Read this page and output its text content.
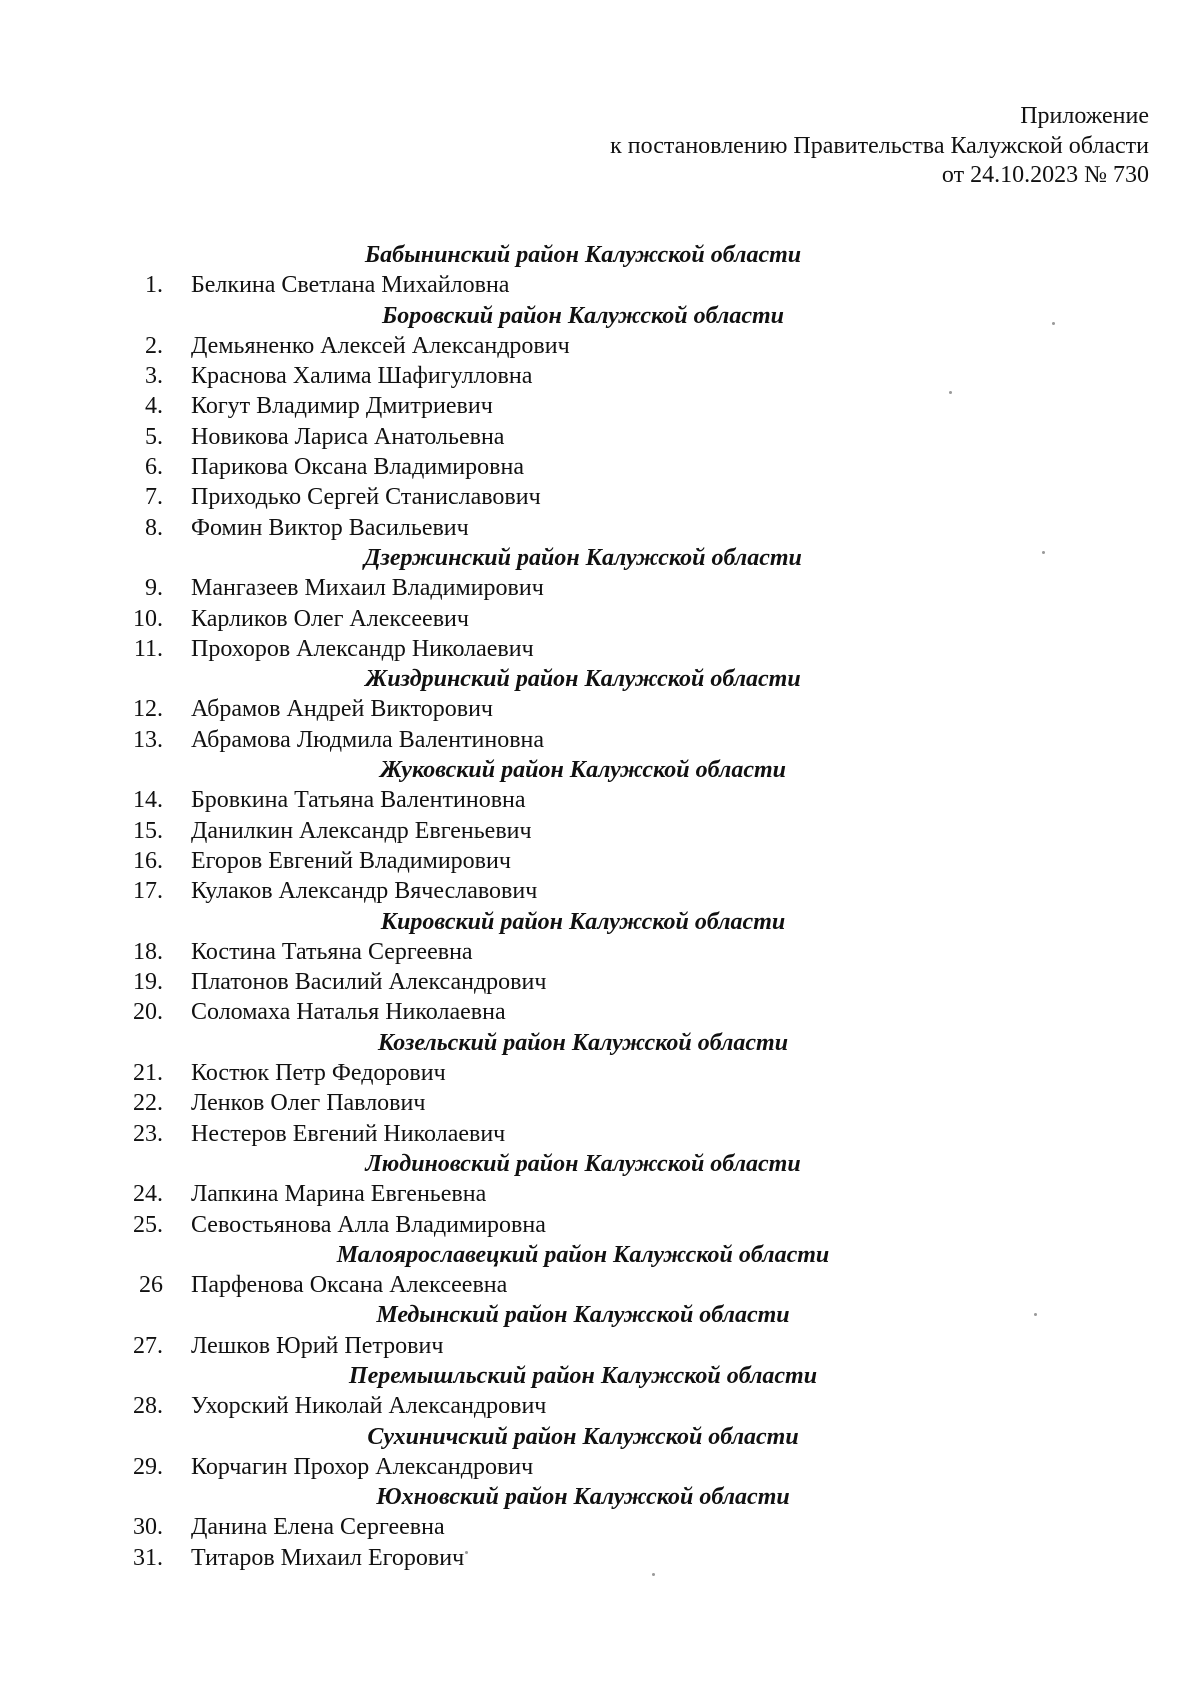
Приложение
к постановлению Правительства Калужской области
от 24.10.2023 № 730
Бабынинский район Калужской области
1. Белкина Светлана Михайловна
Боровский район Калужской области
2. Демьяненко Алексей Александрович
3. Краснова Халима Шафигулловна
4. Когут Владимир Дмитриевич
5. Новикова Лариса Анатольевна
6. Парикова Оксана Владимировна
7. Приходько Сергей Станиславович
8. Фомин Виктор Васильевич
Дзержинский район Калужской области
9. Мангазеев Михаил Владимирович
10. Карликов Олег Алексеевич
11. Прохоров Александр Николаевич
Жиздринский район Калужской области
12. Абрамов Андрей Викторович
13. Абрамова Людмила Валентиновна
Жуковский район Калужской области
14. Бровкина Татьяна Валентиновна
15. Данилкин Александр Евгеньевич
16. Егоров Евгений Владимирович
17. Кулаков Александр Вячеславович
Кировский район Калужской области
18. Костина Татьяна Сергеевна
19. Платонов Василий Александрович
20. Соломаха Наталья Николаевна
Козельский район Калужской области
21. Костюк Петр Федорович
22. Ленков Олег Павлович
23. Нестеров Евгений Николаевич
Людиновский район Калужской области
24. Лапкина Марина Евгеньевна
25. Севостьянова Алла Владимировна
Малоярославецкий район Калужской области
26 Парфенова Оксана Алексеевна
Медынский район Калужской области
27. Лешков Юрий Петрович
Перемышльский район Калужской области
28. Ухорский Николай Александрович
Сухиничский район Калужской области
29. Корчагин Прохор Александрович
Юхновский район Калужской области
30. Данина Елена Сергеевна
31. Титаров Михаил Егорович
